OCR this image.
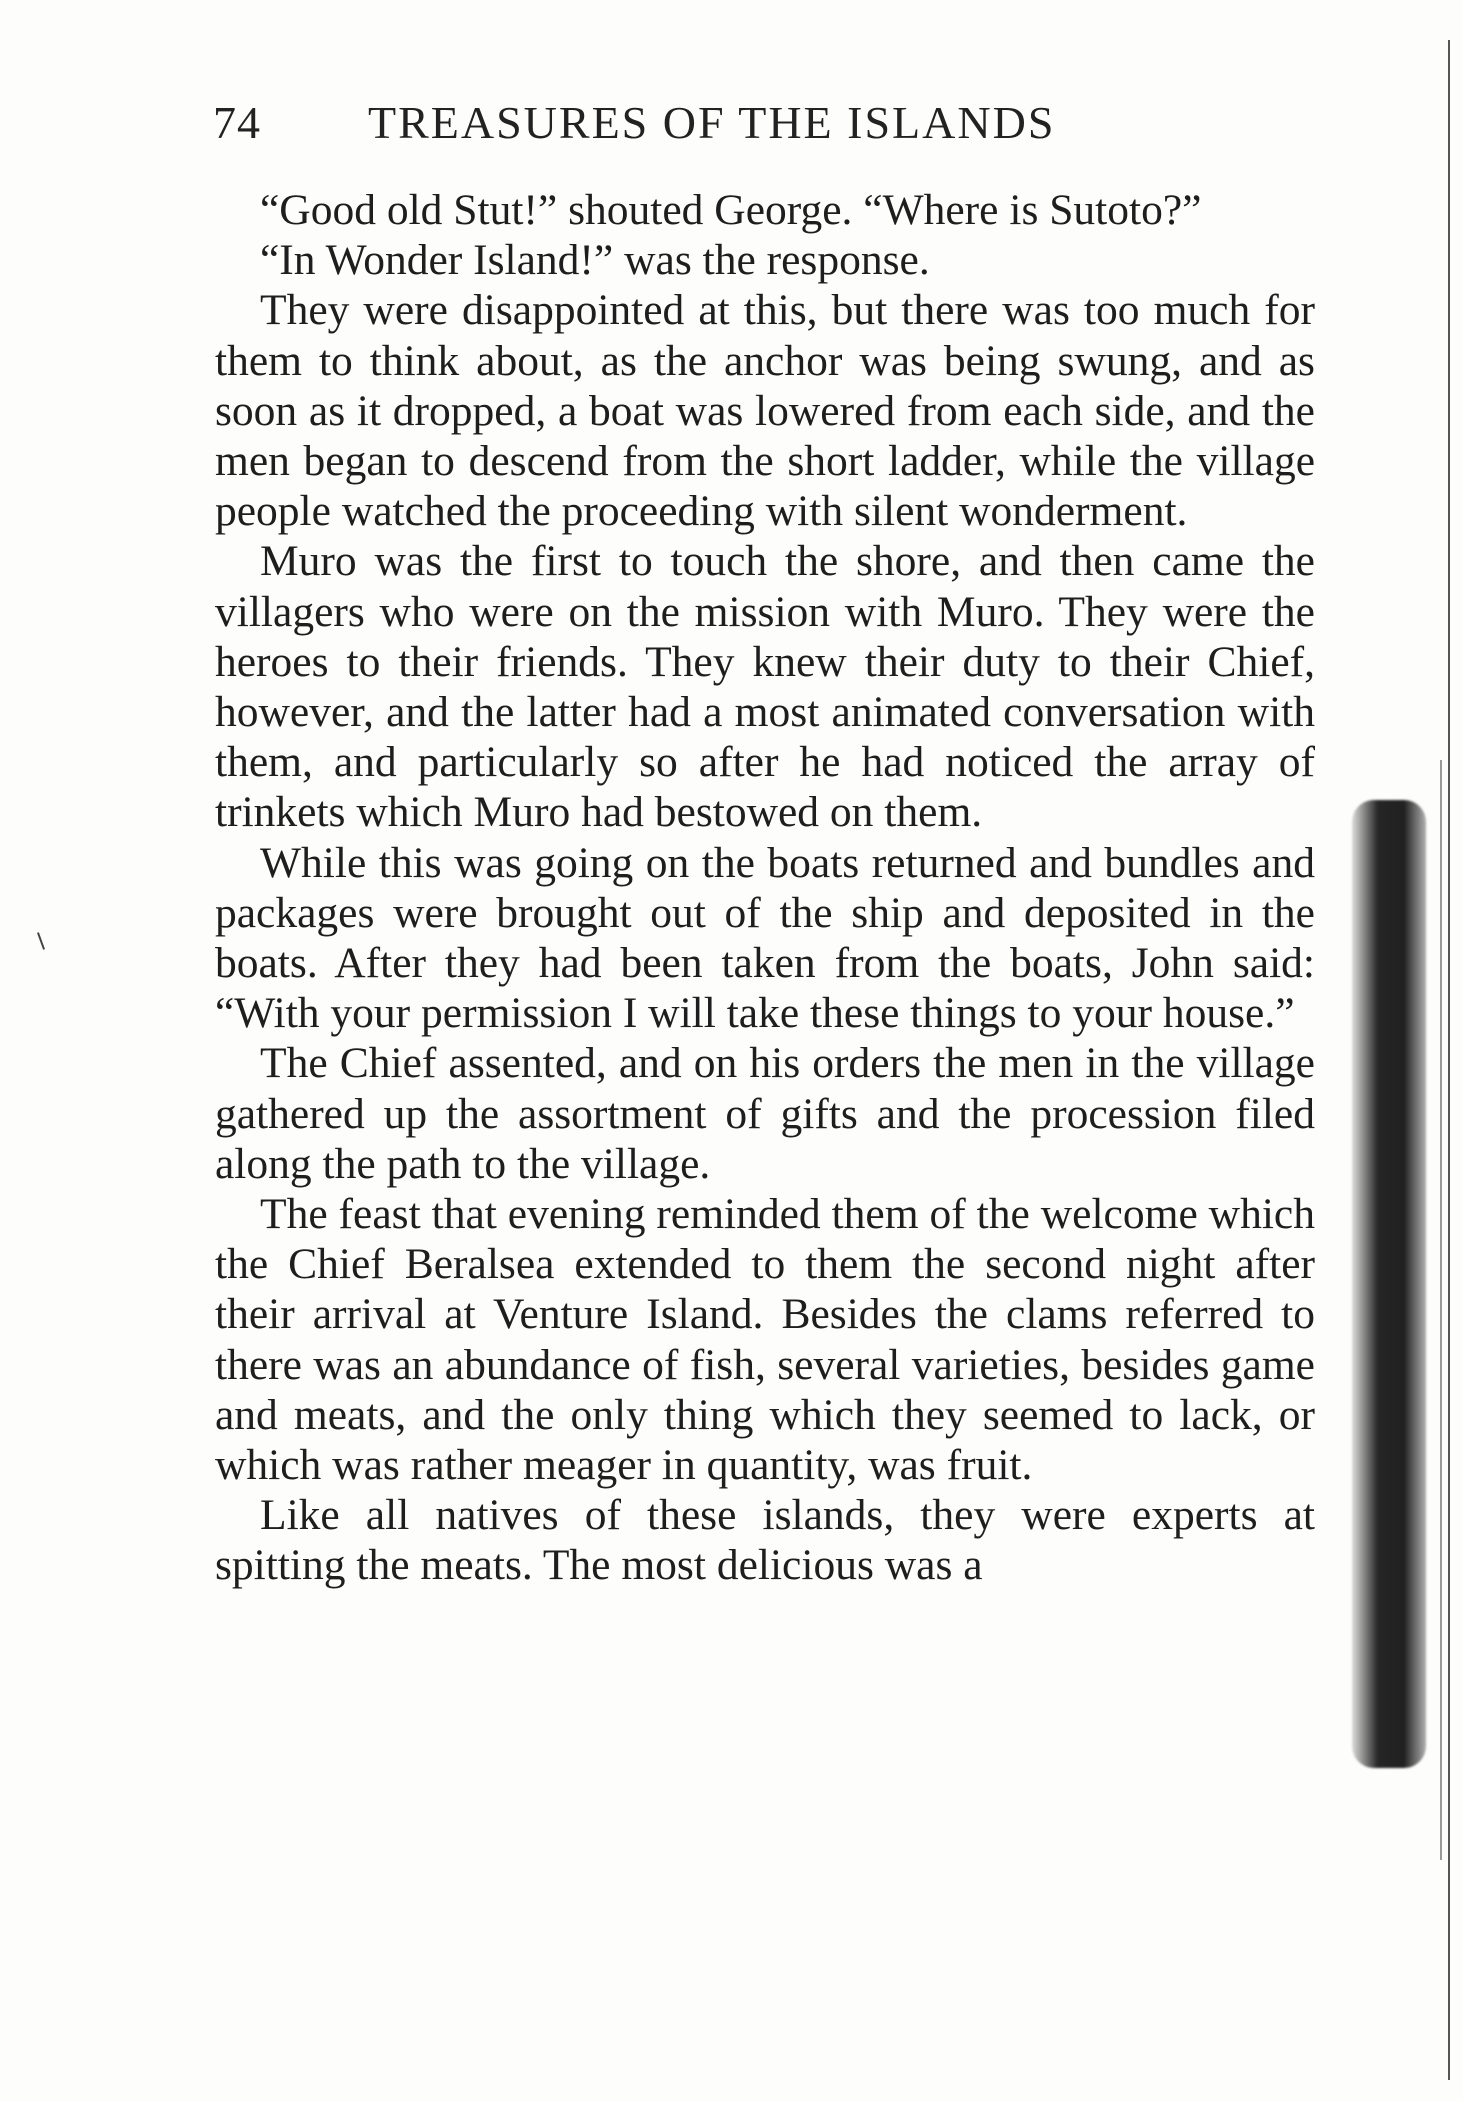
74 TREASURES OF THE ISLANDS

“Good old Stut!” shouted George. “Where is Sutoto?”

“In Wonder Island!” was the response.

They were disappointed at this, but there was too much for them to think about, as the anchor was being swung, and as soon as it dropped, a boat was lowered from each side, and the men began to descend from the short ladder, while the village people watched the proceeding with silent wonderment.

Muro was the first to touch the shore, and then came the villagers who were on the mission with Muro. They were the heroes to their friends. They knew their duty to their Chief, however, and the latter had a most animated conversation with them, and particularly so after he had noticed the array of trinkets which Muro had bestowed on them.

While this was going on the boats returned and bundles and packages were brought out of the ship and deposited in the boats. After they had been taken from the boats, John said: “With your permission I will take these things to your house.”

The Chief assented, and on his orders the men in the village gathered up the assortment of gifts and the procession filed along the path to the village.

The feast that evening reminded them of the welcome which the Chief Beralsea extended to them the second night after their arrival at Venture Island. Besides the clams referred to there was an abundance of fish, several varieties, besides game and meats, and the only thing which they seemed to lack, or which was rather meager in quantity, was fruit.

Like all natives of these islands, they were experts at spitting the meats. The most delicious was a
